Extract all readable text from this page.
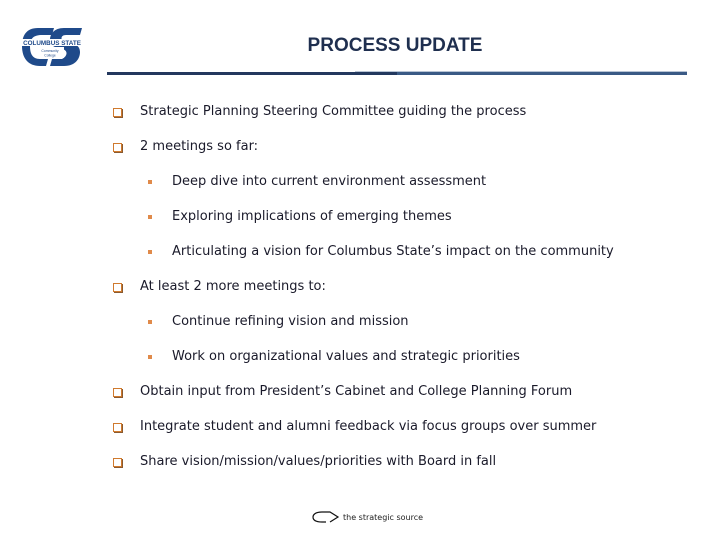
COLUMBUS STATE
Community
College	PROCESS UPDATE
Strategic Planning Steering Committee guiding the process
2 meetings so far:
Deep dive into current environment assessment
Exploring implications of emerging themes
Articulating a vision for Columbus State’s impact on the community
At least 2 more meetings to:
Continue refining vision and mission
Work on organizational values and strategic priorities
Obtain input from President’s Cabinet and College Planning Forum
Integrate student and alumni feedback via focus groups over summer
Share vision/mission/values/priorities with Board in fall
the strategic source
